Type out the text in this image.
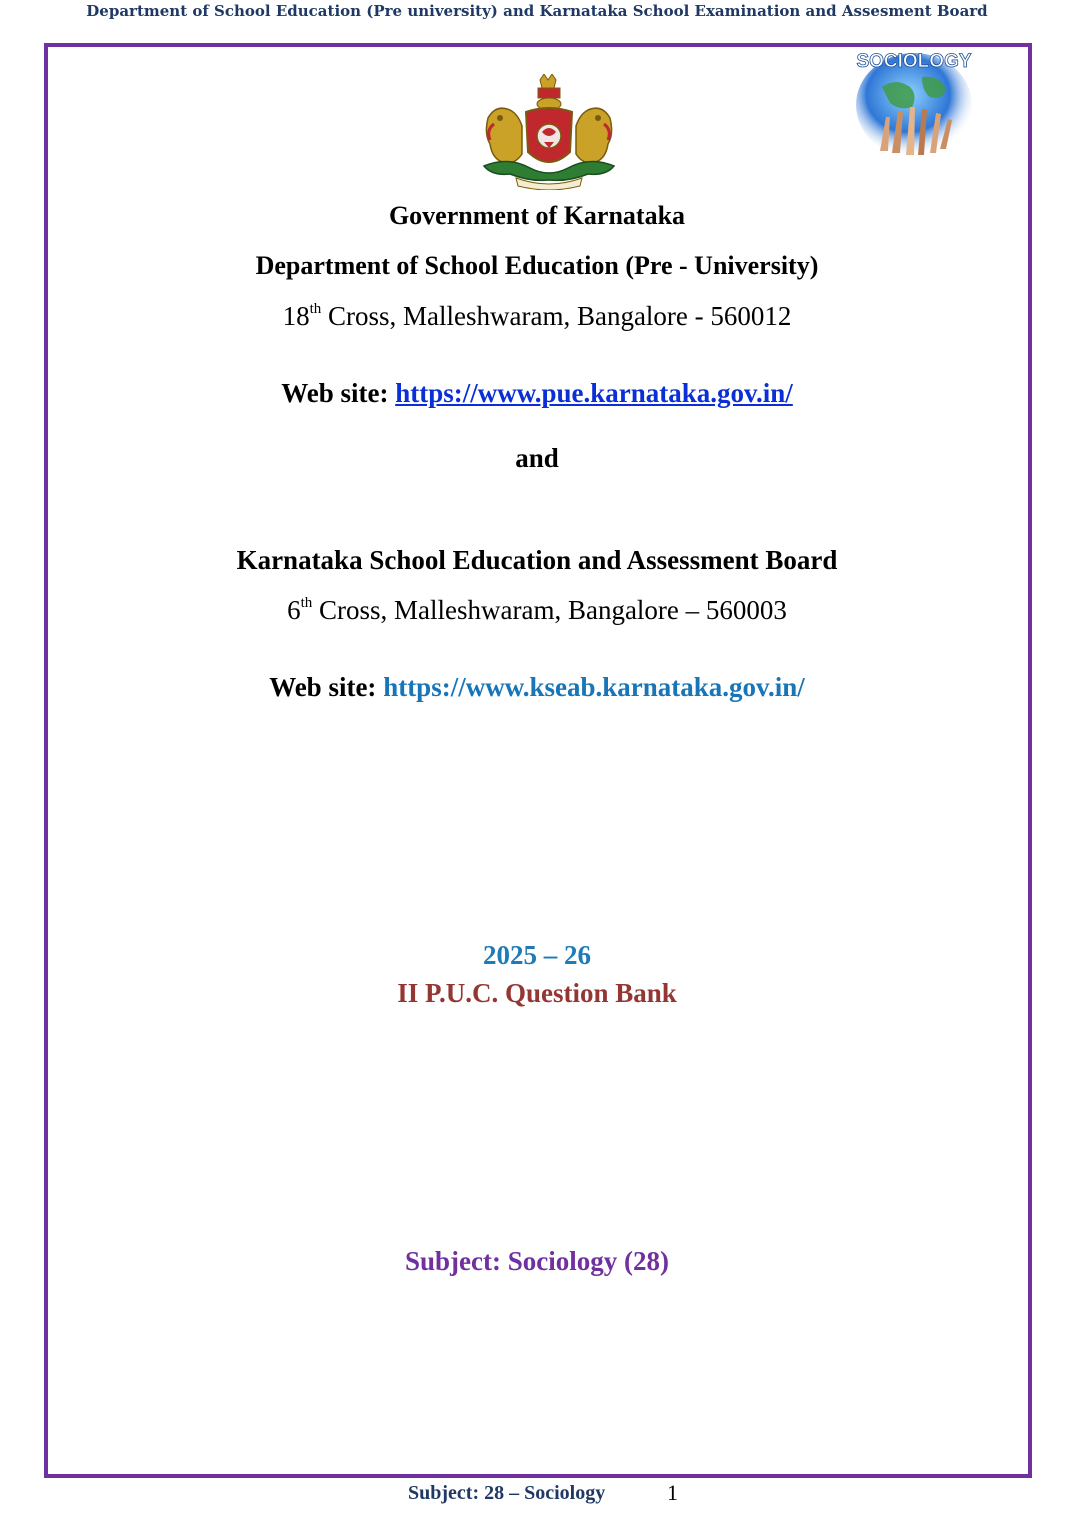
Department of School Education (Pre university) and Karnataka School Examination and Assesment Board
SOCIOLOGY
Government of Karnataka
Department of School Education (Pre - University)
18th Cross, Malleshwaram, Bangalore - 560012
Web site: https://www.pue.karnataka.gov.in/
and
Karnataka School Education and Assessment Board
6th Cross, Malleshwaram, Bangalore – 560003
Web site: https://www.kseab.karnataka.gov.in/
2025 – 26
II P.U.C. Question Bank
Subject: Sociology (28)
Subject: 28 – Sociology	1
